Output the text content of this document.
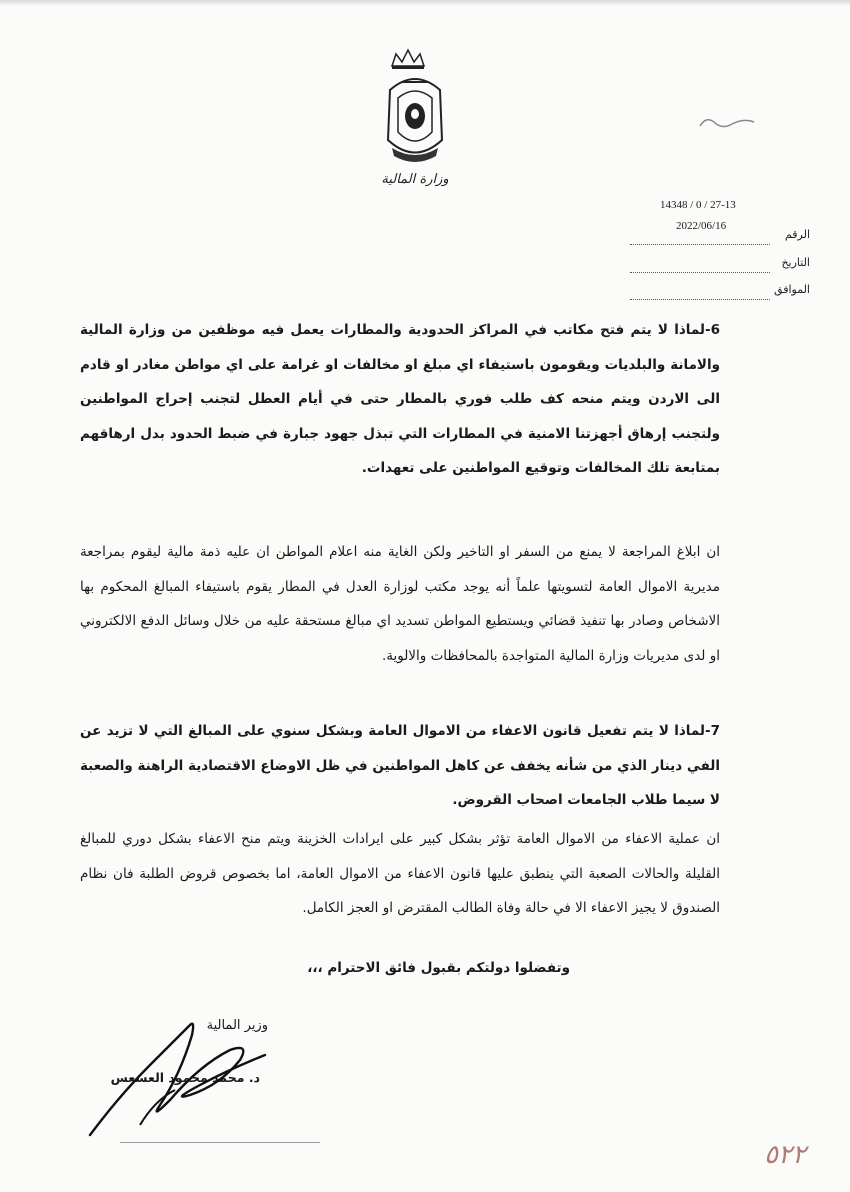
وزارة المالية
14348 / 0 / 27-13
2022/06/16
الرقم
التاريخ
الموافق
6-لماذا لا يتم فتح مكاتب في المراكز الحدودية والمطارات يعمل فيه موظفين من وزارة المالية والامانة والبلديات ويقومون باستيفاء اي مبلغ او مخالفات او غرامة على اي مواطن مغادر او قادم الى الاردن ويتم منحه كف طلب فوري بالمطار حتى في أيام العطل لتجنب إحراج المواطنين ولتجنب إرهاق أجهزتنا الامنية في المطارات التي تبذل جهود جبارة في ضبط الحدود بدل ارهاقهم بمتابعة تلك المخالفات وتوقيع المواطنين على تعهدات.
ان ابلاغ المراجعة لا يمنع من السفر او التاخير ولكن الغاية منه اعلام المواطن ان عليه ذمة مالية ليقوم بمراجعة مديرية الاموال العامة لتسويتها علماً أنه يوجد مكتب لوزارة العدل في المطار يقوم باستيفاء المبالغ المحكوم بها الاشخاص وصادر بها تنفيذ قضائي ويستطيع المواطن تسديد اي مبالغ مستحقة عليه من خلال وسائل الدفع الالكتروني او لدى مديريات وزارة المالية المتواجدة بالمحافظات والالوية.
7-لماذا لا يتم تفعيل قانون الاعفاء من الاموال العامة وبشكل سنوي على المبالغ التي لا تزيد عن الفي دينار الذي من شأنه يخفف عن كاهل المواطنين في ظل الاوضاع الاقتصادية الراهنة والصعبة لا سيما طلاب الجامعات اصحاب القروض.
ان عملية الاعفاء من الاموال العامة تؤثر بشكل كبير على ايرادات الخزينة ويتم منح الاعفاء بشكل دوري للمبالغ القليلة والحالات الصعبة التي ينطبق عليها قانون الاعفاء من الاموال العامة، اما بخصوص قروض الطلبة فان نظام الصندوق لا يجيز الاعفاء الا في حالة وفاة الطالب المقترض او العجز الكامل.
وتفضلوا دولتكم بقبول فائق الاحترام ،،،
وزير المالية
د. محمد محمود العسعس
٥٢٢
